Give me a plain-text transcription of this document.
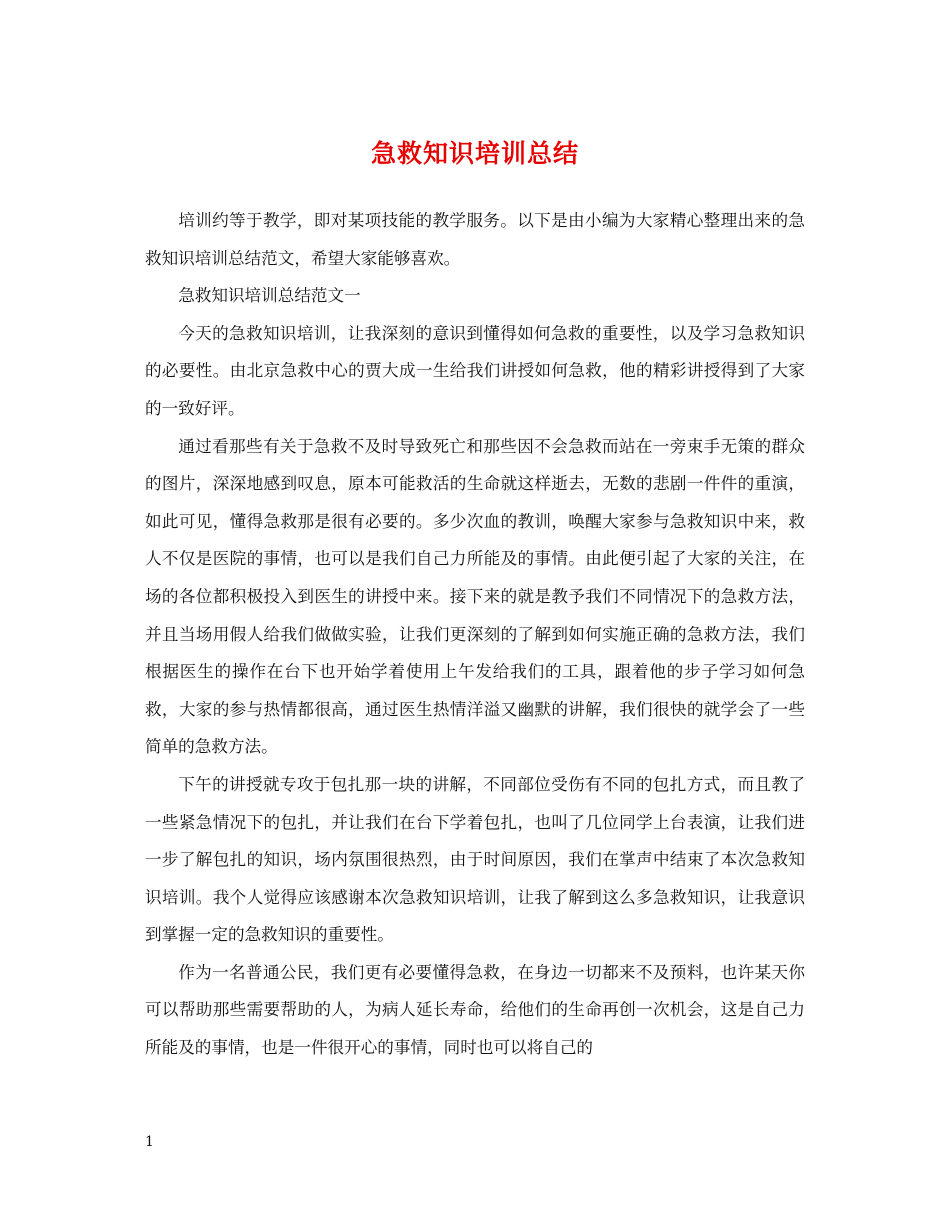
急救知识培训总结

培训约等于教学，即对某项技能的教学服务。以下是由小编为大家精心整理出来的急救知识培训总结范文，希望大家能够喜欢。

急救知识培训总结范文一

今天的急救知识培训，让我深刻的意识到懂得如何急救的重要性，以及学习急救知识的必要性。由北京急救中心的贾大成一生给我们讲授如何急救，他的精彩讲授得到了大家的一致好评。

通过看那些有关于急救不及时导致死亡和那些因不会急救而站在一旁束手无策的群众的图片，深深地感到叹息，原本可能救活的生命就这样逝去，无数的悲剧一件件的重演，如此可见，懂得急救那是很有必要的。多少次血的教训，唤醒大家参与急救知识中来，救人不仅是医院的事情，也可以是我们自己力所能及的事情。由此便引起了大家的关注，在场的各位都积极投入到医生的讲授中来。接下来的就是教予我们不同情况下的急救方法，并且当场用假人给我们做做实验，让我们更深刻的了解到如何实施正确的急救方法，我们根据医生的操作在台下也开始学着使用上午发给我们的工具，跟着他的步子学习如何急救，大家的参与热情都很高，通过医生热情洋溢又幽默的讲解，我们很快的就学会了一些简单的急救方法。

下午的讲授就专攻于包扎那一块的讲解，不同部位受伤有不同的包扎方式，而且教了一些紧急情况下的包扎，并让我们在台下学着包扎，也叫了几位同学上台表演，让我们进一步了解包扎的知识，场内氛围很热烈，由于时间原因，我们在掌声中结束了本次急救知识培训。我个人觉得应该感谢本次急救知识培训，让我了解到这么多急救知识，让我意识到掌握一定的急救知识的重要性。

作为一名普通公民，我们更有必要懂得急救，在身边一切都来不及预料，也许某天你可以帮助那些需要帮助的人，为病人延长寿命，给他们的生命再创一次机会，这是自己力所能及的事情，也是一件很开心的事情，同时也可以将自己的

1
